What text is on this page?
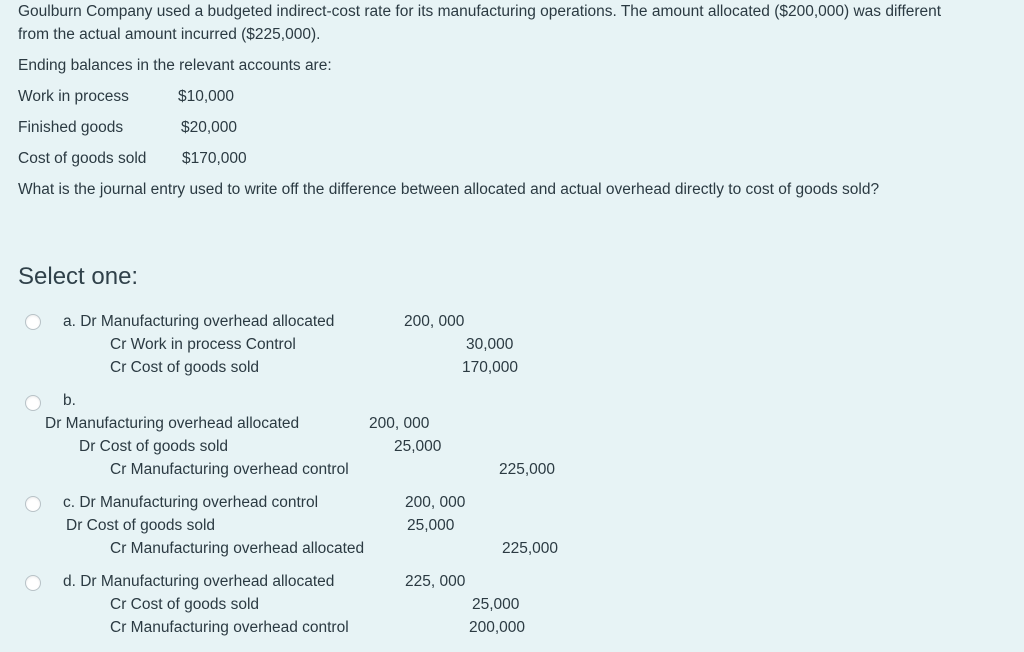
Goulburn Company used a budgeted indirect-cost rate for its manufacturing operations. The amount allocated ($200,000) was different
from the actual amount incurred ($225,000).
Ending balances in the relevant accounts are:
Work in process	$10,000
Finished goods	$20,000
Cost of goods sold $170,000
What is the journal entry used to write off the difference between allocated and actual overhead directly to cost of goods sold?
Select one:
a. Dr Manufacturing overhead allocated	200, 000
Cr Work in process Control	30,000
Cr Cost of goods sold	170,000
b.
Dr Manufacturing overhead allocated	200, 000
Dr Cost of goods sold	25,000
Cr Manufacturing overhead control	225,000
c. Dr Manufacturing overhead control	200, 000
Dr Cost of goods sold	25,000
Cr Manufacturing overhead allocated	225,000
d. Dr Manufacturing overhead allocated	225, 000
Cr Cost of goods sold	25,000
Cr Manufacturing overhead control	200,000
